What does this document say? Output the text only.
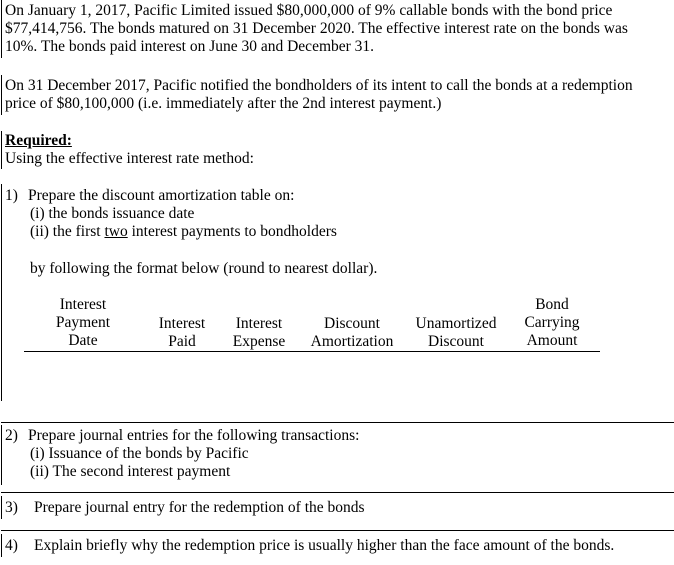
On January 1, 2017, Pacific Limited issued $80,000,000 of 9% callable bonds with the bond price
$77,414,756. The bonds matured on 31 December 2020. The effective interest rate on the bonds was
10%. The bonds paid interest on June 30 and December 31.
On 31 December 2017, Pacific notified the bondholders of its intent to call the bonds at a redemption
price of $80,100,000 (i.e. immediately after the 2nd interest payment.)
Required:
Using the effective interest rate method:
1) Prepare the discount amortization table on:
(i) the bonds issuance date
(ii) the first two interest payments to bondholders
by following the format below (round to nearest dollar).
Interest
Payment
Date
Interest
Paid
Interest
Expense
Discount
Amortization
Unamortized
Discount
Bond
Carrying
Amount
2) Prepare journal entries for the following transactions:
(i) Issuance of the bonds by Pacific
(ii) The second interest payment
3) Prepare journal entry for the redemption of the bonds
4) Explain briefly why the redemption price is usually higher than the face amount of the bonds.
